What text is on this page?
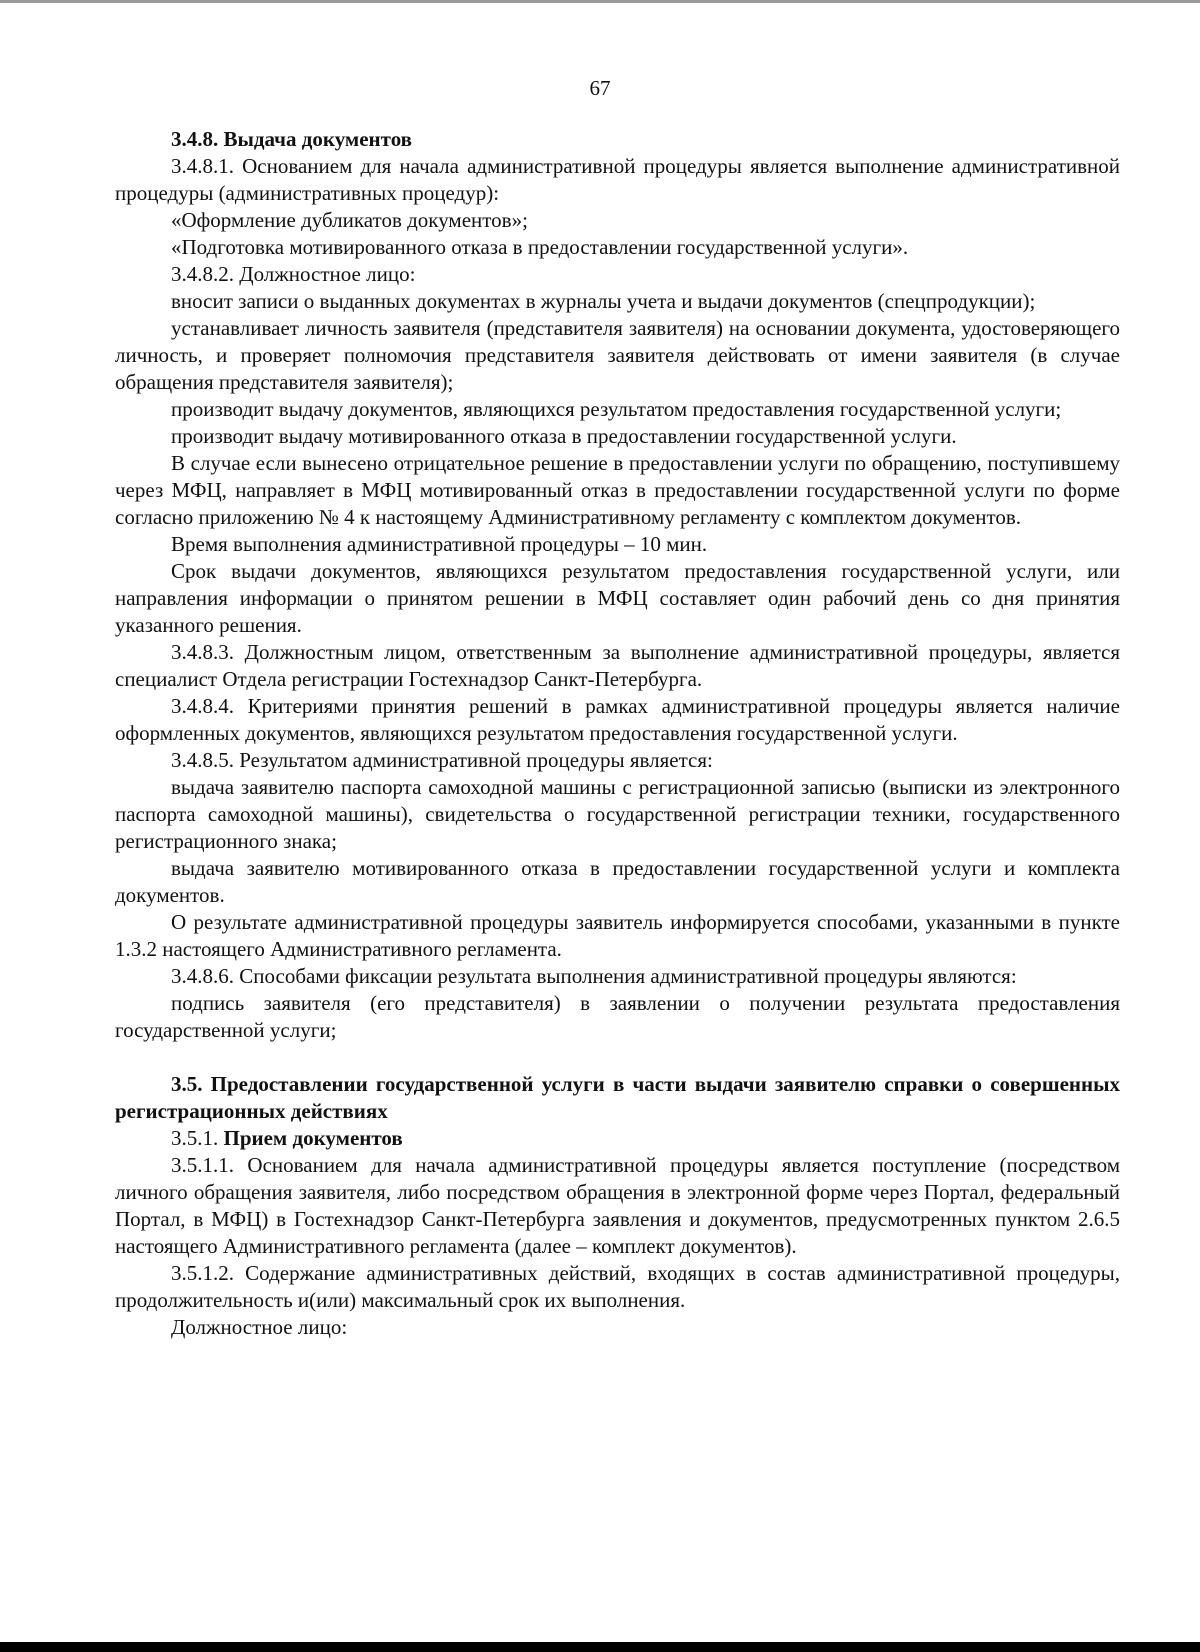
67

3.4.8. Выдача документов

3.4.8.1. Основанием для начала административной процедуры является выполнение административной процедуры (административных процедур):

«Оформление дубликатов документов»;

«Подготовка мотивированного отказа в предоставлении государственной услуги».

3.4.8.2. Должностное лицо:

вносит записи о выданных документах в журналы учета и выдачи документов (спецпродукции);

устанавливает личность заявителя (представителя заявителя) на основании документа, удостоверяющего личность, и проверяет полномочия представителя заявителя действовать от имени заявителя (в случае обращения представителя заявителя);

производит выдачу документов, являющихся результатом предоставления государственной услуги;

производит выдачу мотивированного отказа в предоставлении государственной услуги.

В случае если вынесено отрицательное решение в предоставлении услуги по обращению, поступившему через МФЦ, направляет в МФЦ мотивированный отказ в предоставлении государственной услуги по форме согласно приложению № 4 к настоящему Административному регламенту с комплектом документов.

Время выполнения административной процедуры – 10 мин.

Срок выдачи документов, являющихся результатом предоставления государственной услуги, или направления информации о принятом решении в МФЦ составляет один рабочий день со дня принятия указанного решения.

3.4.8.3. Должностным лицом, ответственным за выполнение административной процедуры, является специалист Отдела регистрации Гостехнадзор Санкт-Петербурга.

3.4.8.4. Критериями принятия решений в рамках административной процедуры является наличие оформленных документов, являющихся результатом предоставления государственной услуги.

3.4.8.5. Результатом административной процедуры является:

выдача заявителю паспорта самоходной машины с регистрационной записью (выписки из электронного паспорта самоходной машины), свидетельства о государственной регистрации техники, государственного регистрационного знака;

выдача заявителю мотивированного отказа в предоставлении государственной услуги и комплекта документов.

О результате административной процедуры заявитель информируется способами, указанными в пункте 1.3.2 настоящего Административного регламента.

3.4.8.6. Способами фиксации результата выполнения административной процедуры являются:

подпись заявителя (его представителя) в заявлении о получении результата предоставления государственной услуги;

3.5. Предоставлении государственной услуги в части выдачи заявителю справки о совершенных регистрационных действиях

3.5.1. Прием документов

3.5.1.1. Основанием для начала административной процедуры является поступление (посредством личного обращения заявителя, либо посредством обращения в электронной форме через Портал, федеральный Портал, в МФЦ) в Гостехнадзор Санкт-Петербурга заявления и документов, предусмотренных пунктом 2.6.5 настоящего Административного регламента (далее – комплект документов).

3.5.1.2. Содержание административных действий, входящих в состав административной процедуры, продолжительность и(или) максимальный срок их выполнения.

Должностное лицо:
